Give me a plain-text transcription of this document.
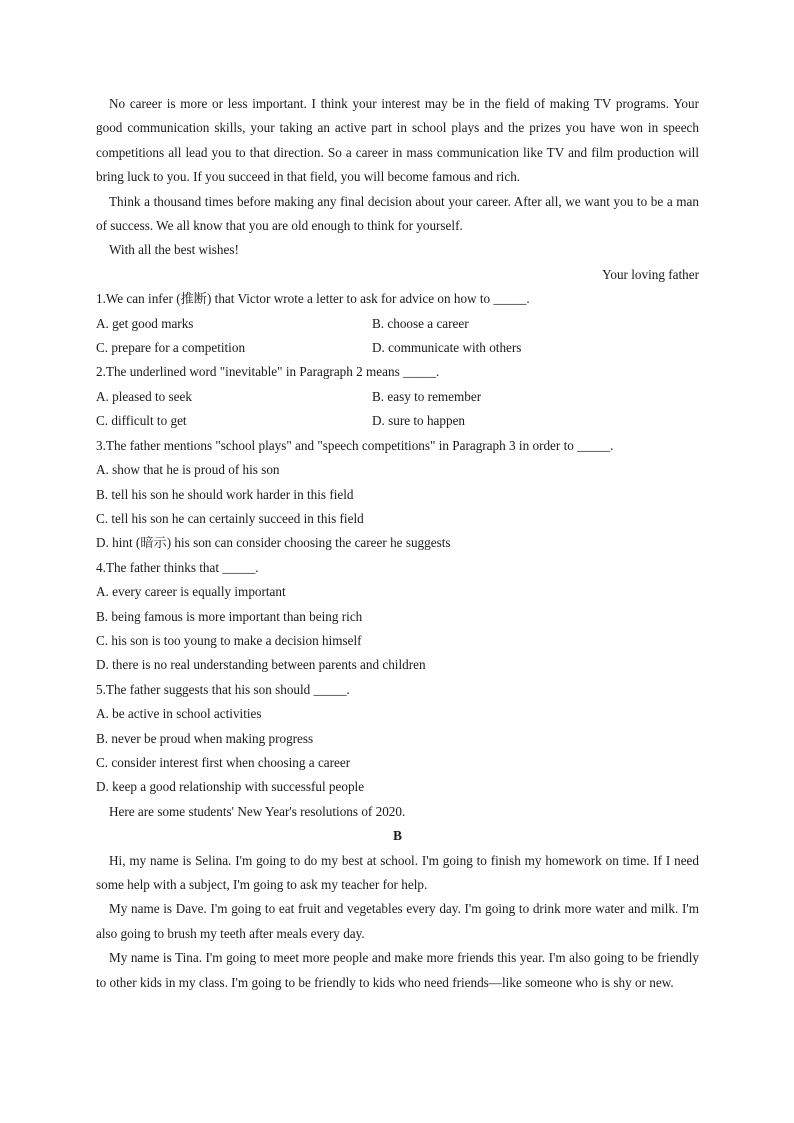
No career is more or less important. I think your interest may be in the field of making TV programs. Your good communication skills, your taking an active part in school plays and the prizes you have won in speech competitions all lead you to that direction. So a career in mass communication like TV and film production will bring luck to you. If you succeed in that field, you will become famous and rich.

Think a thousand times before making any final decision about your career. After all, we want you to be a man of success. We all know that you are old enough to think for yourself.

With all the best wishes!

Your loving father

1.We can infer (推断) that Victor wrote a letter to ask for advice on how to _____.

A. get good marks	B. choose a career
C. prepare for a competition	D. communicate with others

2.The underlined word "inevitable" in Paragraph 2 means _____.

A. pleased to seek	B. easy to remember
C. difficult to get	D. sure to happen

3.The father mentions "school plays" and "speech competitions" in Paragraph 3 in order to _____.

A. show that he is proud of his son

B. tell his son he should work harder in this field

C. tell his son he can certainly succeed in this field

D. hint (暗示) his son can consider choosing the career he suggests

4.The father thinks that _____.

A. every career is equally important

B. being famous is more important than being rich

C. his son is too young to make a decision himself

D. there is no real understanding between parents and children

5.The father suggests that his son should _____.

A. be active in school activities

B. never be proud when making progress

C. consider interest first when choosing a career

D. keep a good relationship with successful people

Here are some students' New Year's resolutions of 2020.

B

Hi, my name is Selina. I'm going to do my best at school. I'm going to finish my homework on time. If I need some help with a subject, I'm going to ask my teacher for help.

My name is Dave. I'm going to eat fruit and vegetables every day. I'm going to drink more water and milk. I'm also going to brush my teeth after meals every day.

My name is Tina. I'm going to meet more people and make more friends this year. I'm also going to be friendly to other kids in my class. I'm going to be friendly to kids who need friends—like someone who is shy or new.
